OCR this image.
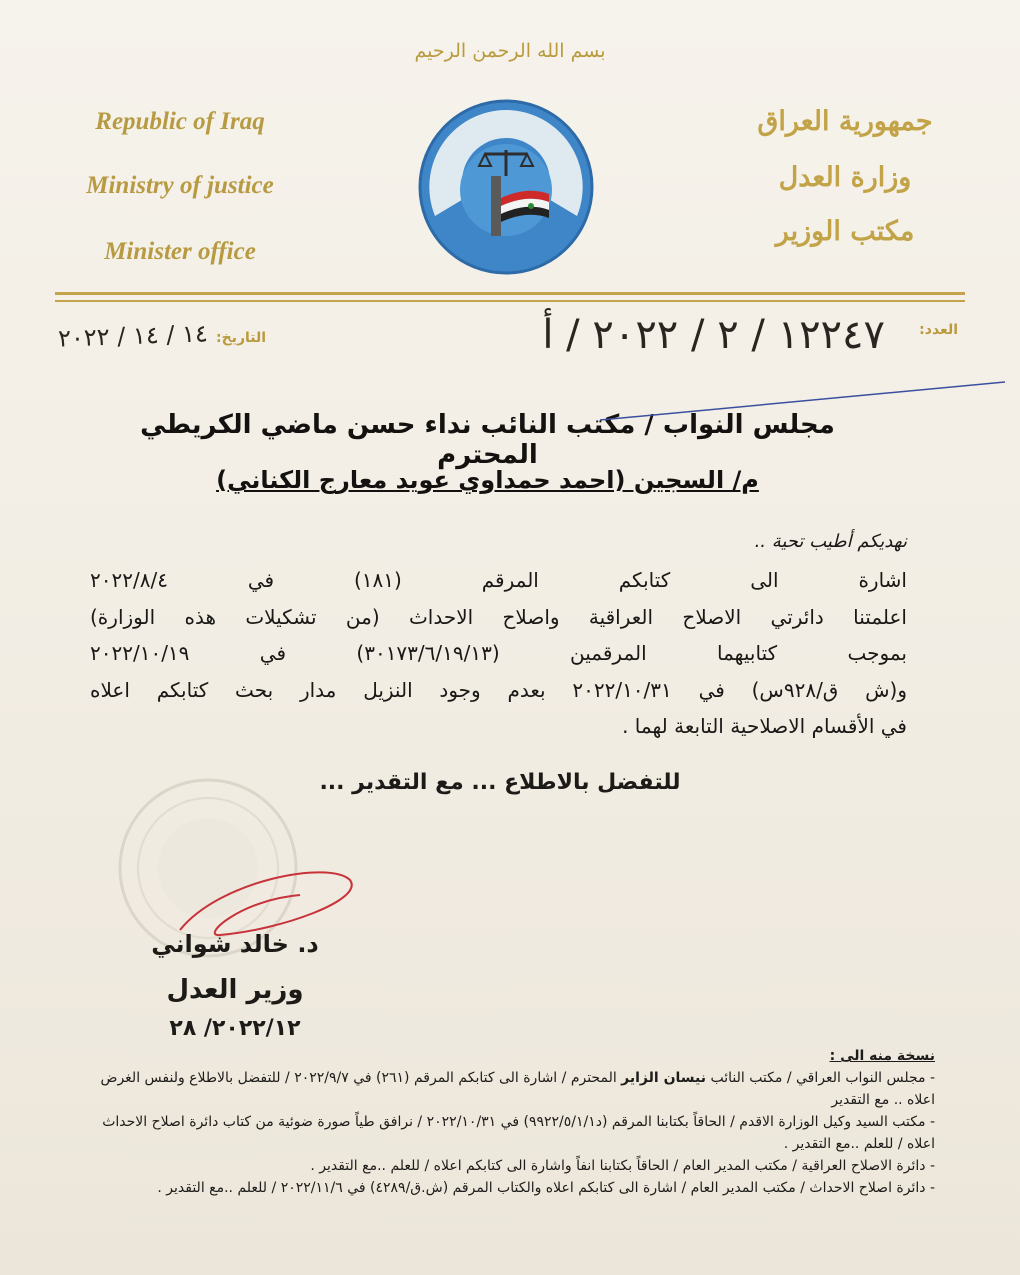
بسم الله الرحمن الرحيم
Republic of Iraq
Ministry of justice
Minister office
جمهورية العراق
وزارة العدل
مكتب الوزير
العدد:
١٢٢٤٧ / ٢ / ٢٠٢٢ / أ
التاريخ:
١٤ / ١٤ / ٢٠٢٢
مجلس النواب / مكتب النائب نداء حسن ماضي الكريطي المحترم
م/ السجين (احمد حمداوي عويد معارج الكناني)
نهديكم أطيب تحية ..

اشارة الى كتابكم المرقم (١٨١) في ٢٠٢٢/٨/٤

اعلمتنا دائرتي الاصلاح العراقية واصلاح الاحداث (من تشكيلات هذه الوزارة)

بموجب كتابيهما المرقمين (٣٠١٧٣/٦/١٩/١٣) في ٢٠٢٢/١٠/١٩

و(ش ق/٩٢٨س) في ٢٠٢٢/١٠/٣١ بعدم وجود النزيل مدار بحث كتابكم اعلاه

في الأقسام الاصلاحية التابعة لهما .

للتفضل بالاطلاع ... مع التقدير ...
د. خالد شواني
وزير العدل
٢٠٢٢/١٢/ ٢٨
نسخة منه الى :
- مجلس النواب العراقي / مكتب النائب نيسان الزاير المحترم / اشارة الى كتابكم المرقم (٢٦١) في ٢٠٢٢/٩/٧ / للتفضل بالاطلاع ولنفس الغرض اعلاه .. مع التقدير
- مكتب السيد وكيل الوزارة الاقدم / الحاقاً بكتابنا المرقم (د٩٩٢٢/٥/١/١) في ٢٠٢٢/١٠/٣١ / نرافق طياً صورة ضوئية من كتاب دائرة اصلاح الاحداث اعلاه / للعلم ..مع التقدير .
- دائرة الاصلاح العراقية / مكتب المدير العام / الحاقاً بكتابنا انفاً واشارة الى كتابكم اعلاه / للعلم ..مع التقدير .
- دائرة اصلاح الاحداث / مكتب المدير العام / اشارة الى كتابكم اعلاه والكتاب المرقم (ش.ق/٤٢٨٩) في ٢٠٢٢/١١/٦ / للعلم ..مع التقدير .
